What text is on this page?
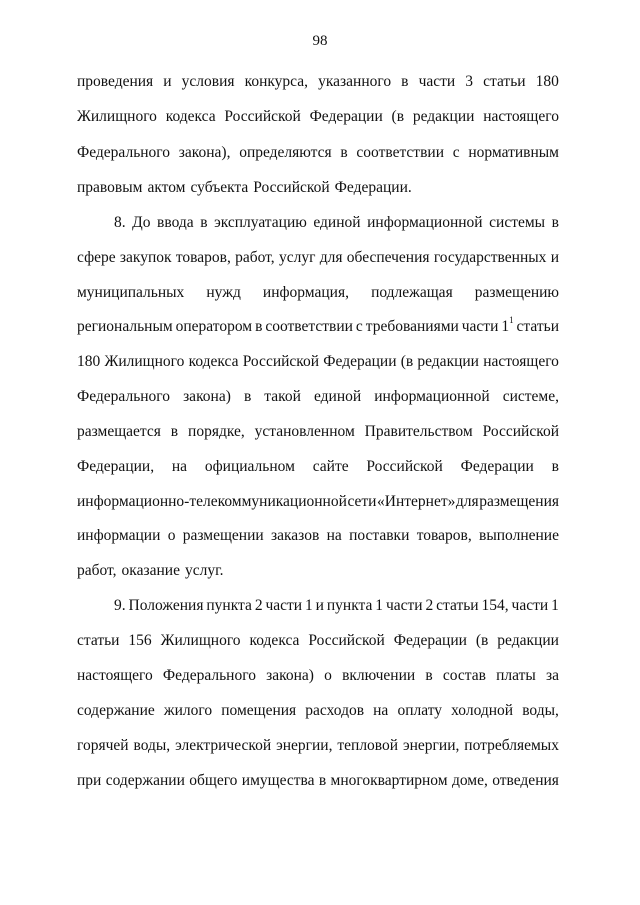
98
проведения и условия конкурса, указанного в части 3 статьи 180
Жилищного кодекса Российской Федерации (в редакции настоящего
Федерального закона), определяются в соответствии с нормативным
правовым актом субъекта Российской Федерации.
8. До ввода в эксплуатацию единой информационной системы в
сфере закупок товаров, работ, услуг для обеспечения государственных и
муниципальных нужд информация, подлежащая размещению
региональным оператором в соответствии с требованиями части $1^1$ статьи
180 Жилищного кодекса Российской Федерации (в редакции настоящего
Федерального закона) в такой единой информационной системе,
размещается в порядке, установленном Правительством Российской
Федерации, на официальном сайте Российской Федерации в
информационно-телекоммуникационной сети «Интернет» для размещения
информации о размещении заказов на поставки товаров, выполнение
работ, оказание услуг.
9. Положения пункта 2 части 1 и пункта 1 части 2 статьи 154, части 1
статьи 156 Жилищного кодекса Российской Федерации (в редакции
настоящего Федерального закона) о включении в состав платы за
содержание жилого помещения расходов на оплату холодной воды,
горячей воды, электрической энергии, тепловой энергии, потребляемых
при содержании общего имущества в многоквартирном доме, отведения
